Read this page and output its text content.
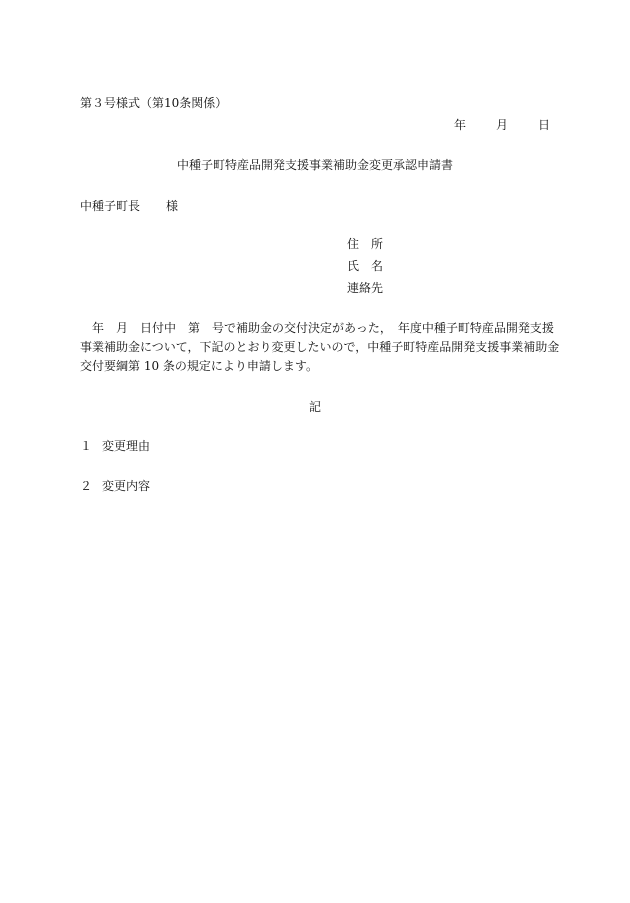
第３号様式（第10条関係）
年	月	日
中種子町特産品開発支援事業補助金変更承認申請書
中種子町長 様
住　所
氏　名
連絡先
　年　月　日付中　第　号で補助金の交付決定があった，　年度中種子町特産品開発支援
事業補助金について，下記のとおり変更したいので，中種子町特産品開発支援事業補助金
交付要綱第 10 条の規定により申請します。
記
１ 変更理由
２ 変更内容
